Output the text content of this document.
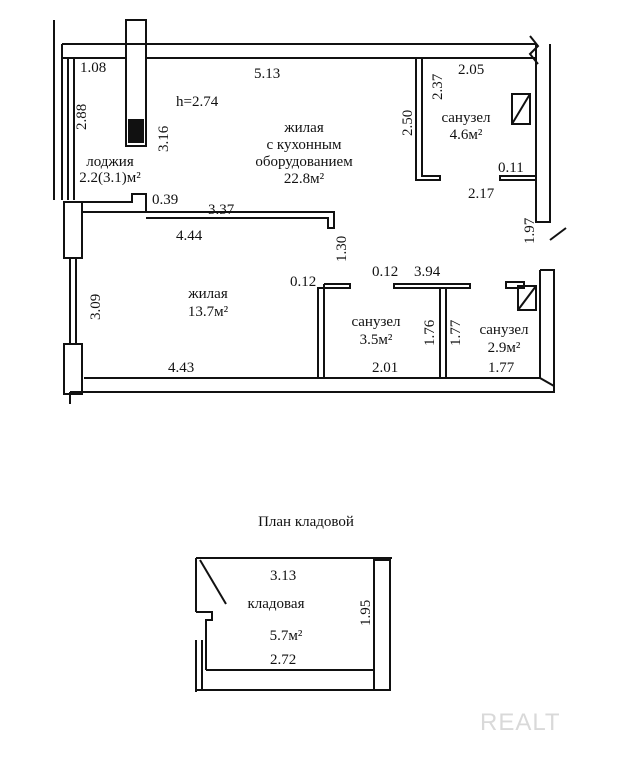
1.08	5.13	2.05
2.37
2.88	2.50
3.16
0.11
2.17
0.39
3.37
1.97
4.44	1.30
0.12
0.12 3.94
3.09
1.76 1.77
4.43	2.01	1.77
h=2.74
жилая
с кухонным
оборудованием
22.8м²
лоджия
2.2(3.1)м²
санузел
4.6м²
жилая
13.7м²
санузел
3.5м²
санузел
2.9м²
План кладовой
3.13
1.95
кладовая
5.7м²
2.72
REALT
